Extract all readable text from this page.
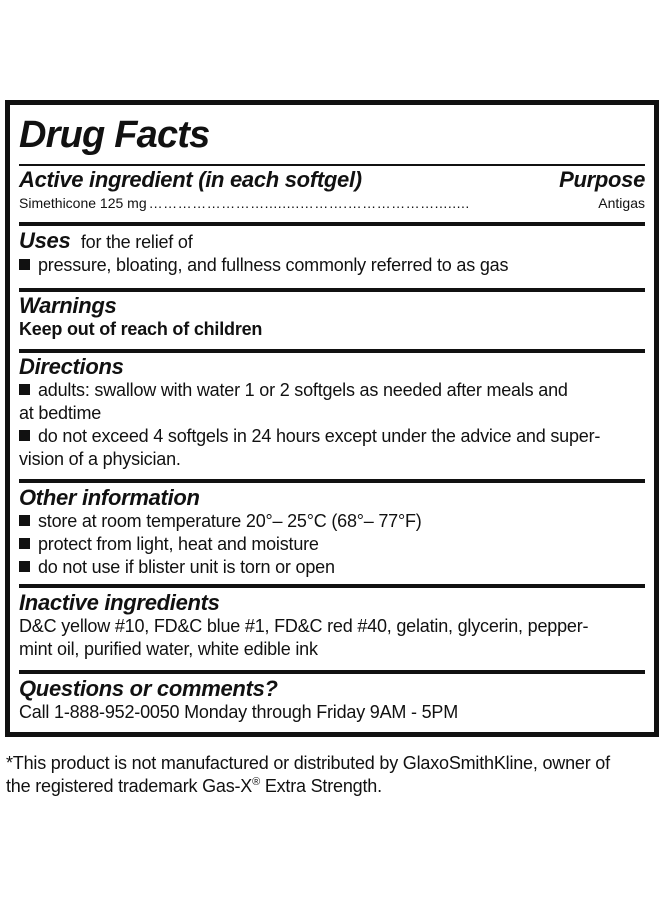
Drug Facts
Active ingredient (in each softgel)	Purpose
Simethicone 125 mg ……………………........……….………………........	Antigas
Uses for the relief of
pressure, bloating, and fullness commonly referred to as gas
Warnings
Keep out of reach of children
Directions
adults: swallow with water 1 or 2 softgels as needed after meals and
at bedtime
do not exceed 4 softgels in 24 hours except under the advice and super-
vision of a physician.
Other information
store at room temperature 20°– 25°C (68°– 77°F)
protect from light, heat and moisture
do not use if blister unit is torn or open
Inactive ingredients
D&C yellow #10, FD&C blue #1, FD&C red #40, gelatin, glycerin, pepper-
mint oil, purified water, white edible ink
Questions or comments?
Call 1-888-952-0050 Monday through Friday 9AM - 5PM
*This product is not manufactured or distributed by GlaxoSmithKline, owner of
the registered trademark Gas-X® Extra Strength.
